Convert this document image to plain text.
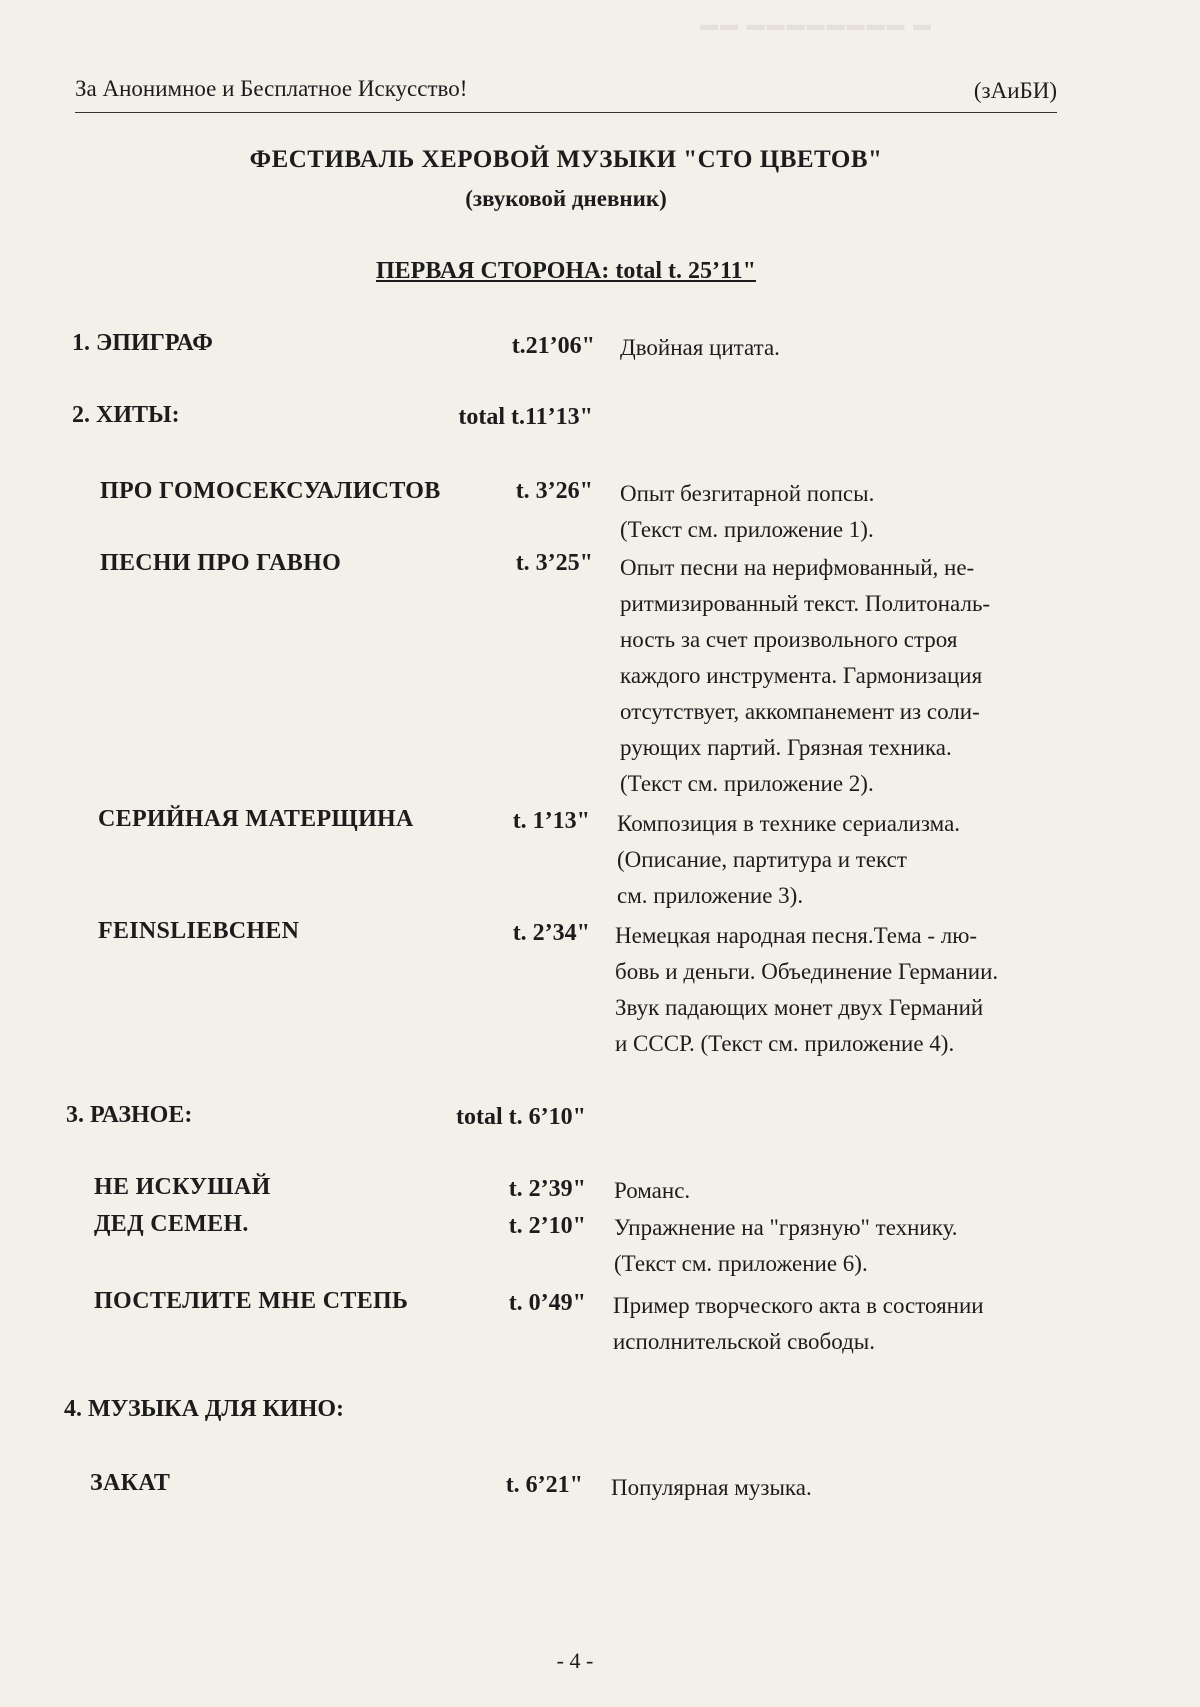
▬▬ ▬▬▬▬▬▬▬▬ ▬
За Анонимное и Бесплатное Искусство!	(зАиБИ)
ФЕСТИВАЛЬ ХЕРОВОЙ МУЗЫКИ "СТО ЦВЕТОВ"
(звуковой дневник)
ПЕРВАЯ СТОРОНА: total t. 25’11"
1. ЭПИГРАФ	t.21’06" Двойная цитата.
2. ХИТЫ:	total t.11’13"
ПРО ГОМОСЕКСУАЛИСТОВ	t. 3’26" Опыт безгитарной попсы.
(Текст см. приложение 1).
ПЕСНИ ПРО ГАВНО	t. 3’25" Опыт песни на нерифмованный, не-
ритмизированный текст. Политональ-
ность за счет произвольного строя
каждого инструмента. Гармонизация
отсутствует, аккомпанемент из соли-
рующих партий. Грязная техника.
(Текст см. приложение 2).
СЕРИЙНАЯ МАТЕРЩИНА	t. 1’13" Композиция в технике сериализма.
(Описание, партитура и текст
см. приложение 3).
FEINSLIEBCHEN	t. 2’34" Немецкая народная песня.Тема - лю-
бовь и деньги. Объединение Германии.
Звук падающих монет двух Германий
и СССР. (Текст см. приложение 4).
3. РАЗНОЕ:	total t. 6’10"
НЕ ИСКУШАЙ	t. 2’39" Романс.
ДЕД СЕМЕН.	t. 2’10" Упражнение на "грязную" технику.
(Текст см. приложение 6).
ПОСТЕЛИТЕ МНЕ СТЕПЬ	t. 0’49" Пример творческого акта в состоянии
исполнительской свободы.
4. МУЗЫКА ДЛЯ КИНО:
ЗАКАТ	t. 6’21" Популярная музыка.
- 4 -
